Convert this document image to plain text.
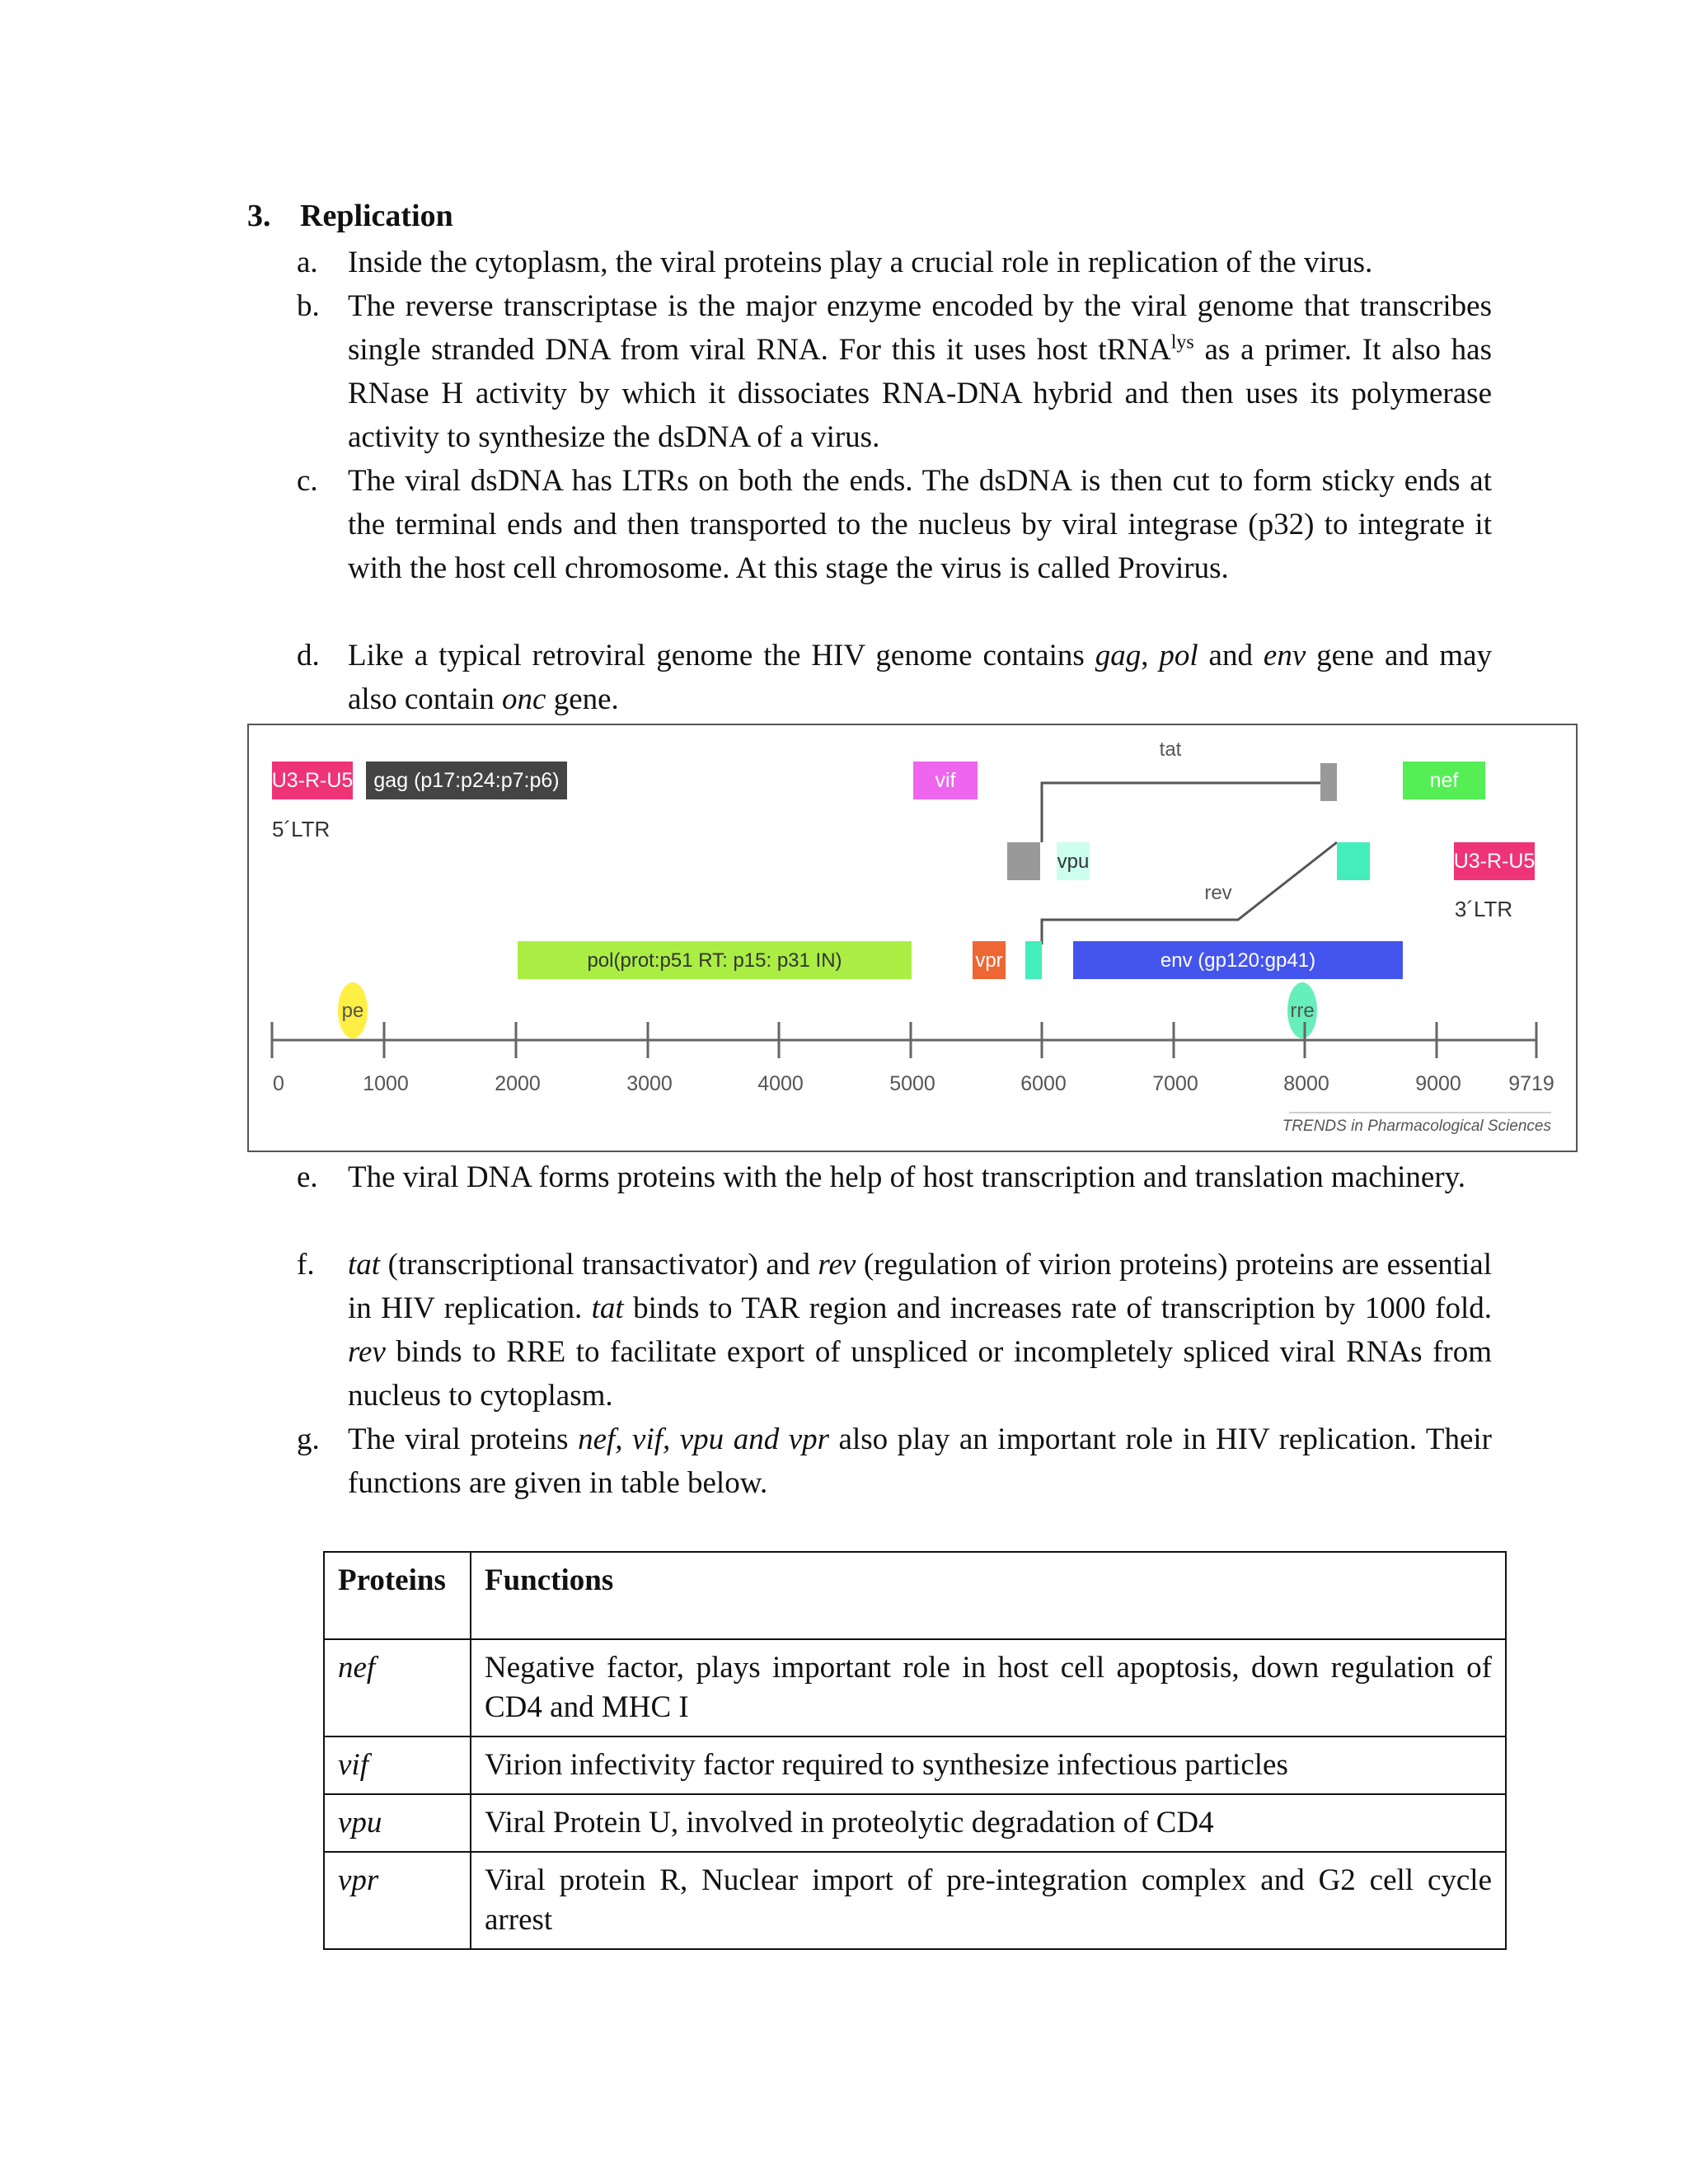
3. Replication
a. Inside the cytoplasm, the viral proteins play a crucial role in replication of the virus.

b. The reverse transcriptase is the major enzyme encoded by the viral genome that transcribes single stranded DNA from viral RNA. For this it uses host tRNA$^{lys}$ as a primer. It also has RNase H activity by which it dissociates RNA-DNA hybrid and then uses its polymerase activity to synthesize the dsDNA of a virus.

c. The viral dsDNA has LTRs on both the ends. The dsDNA is then cut to form sticky ends at the terminal ends and then transported to the nucleus by viral integrase (p32) to integrate it with the host cell chromosome. At this stage the virus is called Provirus.

d. Like a typical retroviral genome the HIV genome contains gag, pol and env gene and may also contain onc gene.

U3-R-U5
5´LTR
gag (p17:p24:p7:p6)	vif
tat
nef
vpu
rev
U3-R-U5
3´LTR
pol(prot:p51 RT: p15: p31 IN)	vpr	env (gp120:gp41)
pe	rre
0	1000	2000	3000	4000	5000	6000	7000	8000	9000 9719
TRENDS in Pharmacological Sciences
e. The viral DNA forms proteins with the help of host transcription and translation machinery.

f. tat (transcriptional transactivator) and rev (regulation of virion proteins) proteins are essential in HIV replication. tat binds to TAR region and increases rate of transcription by 1000 fold. rev binds to RRE to facilitate export of unspliced or incompletely spliced viral RNAs from nucleus to cytoplasm.

g. The viral proteins nef, vif, vpu and vpr also play an important role in HIV replication. Their functions are given in table below.

Proteins	Functions
nef	Negative factor, plays important role in host cell apoptosis, down regulation of CD4 and MHC I
vif	Virion infectivity factor required to synthesize infectious particles
vpu	Viral Protein U, involved in proteolytic degradation of CD4
vpr	Viral protein R, Nuclear import of pre-integration complex and G2 cell cycle arrest
